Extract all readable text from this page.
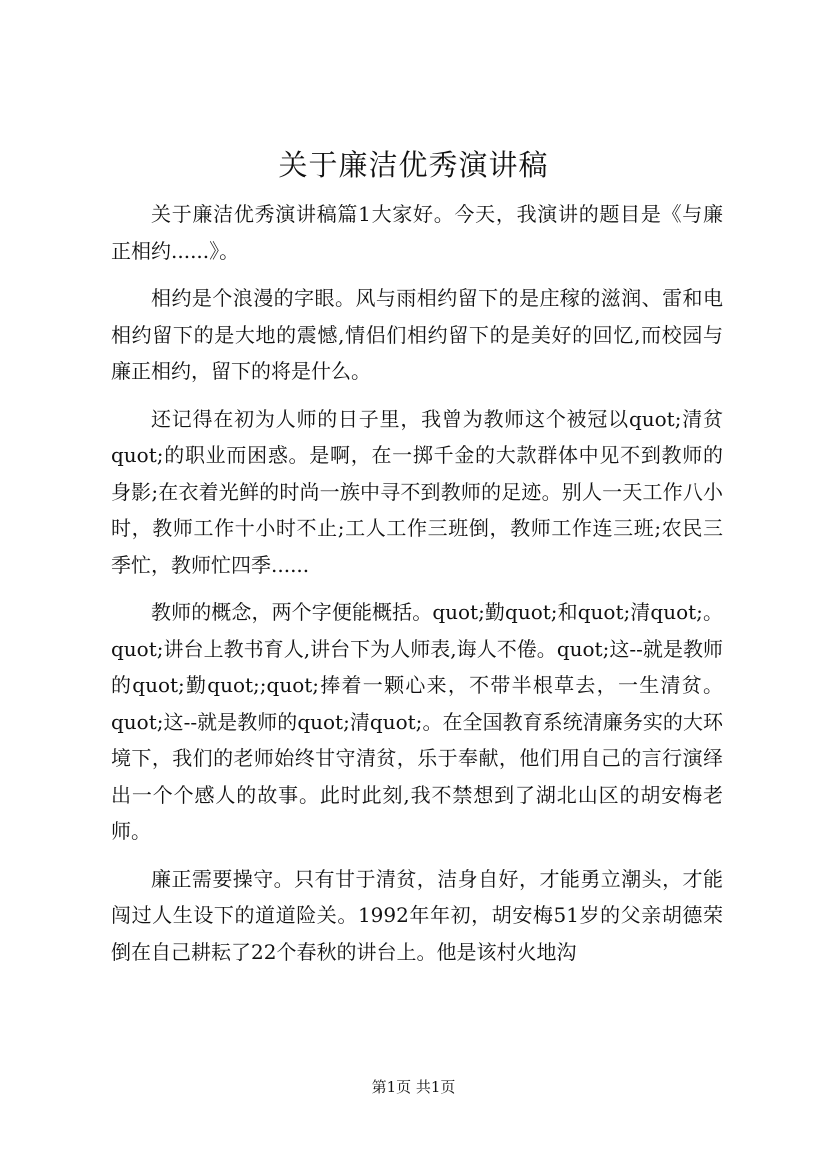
关于廉洁优秀演讲稿

关于廉洁优秀演讲稿篇1大家好。今天，我演讲的题目是《与廉正相约......》。

相约是个浪漫的字眼。风与雨相约留下的是庄稼的滋润、雷和电相约留下的是大地的震憾,情侣们相约留下的是美好的回忆,而校园与廉正相约，留下的将是什么。

还记得在初为人师的日子里，我曾为教师这个被冠以quot;清贫quot;的职业而困惑。是啊，在一掷千金的大款群体中见不到教师的身影;在衣着光鲜的时尚一族中寻不到教师的足迹。别人一天工作八小时，教师工作十小时不止;工人工作三班倒，教师工作连三班;农民三季忙，教师忙四季......

教师的概念，两个字便能概括。quot;勤quot;和quot;清quot;。quot;讲台上教书育人,讲台下为人师表,诲人不倦。quot;这--就是教师的quot;勤quot;;quot;捧着一颗心来，不带半根草去，一生清贫。quot;这--就是教师的quot;清quot;。在全国教育系统清廉务实的大环境下，我们的老师始终甘守清贫，乐于奉献，他们用自己的言行演绎出一个个感人的故事。此时此刻,我不禁想到了湖北山区的胡安梅老师。

廉正需要操守。只有甘于清贫，洁身自好，才能勇立潮头，才能闯过人生设下的道道险关。1992年年初，胡安梅51岁的父亲胡德荣倒在自己耕耘了22个春秋的讲台上。他是该村火地沟

第1页 共1页
